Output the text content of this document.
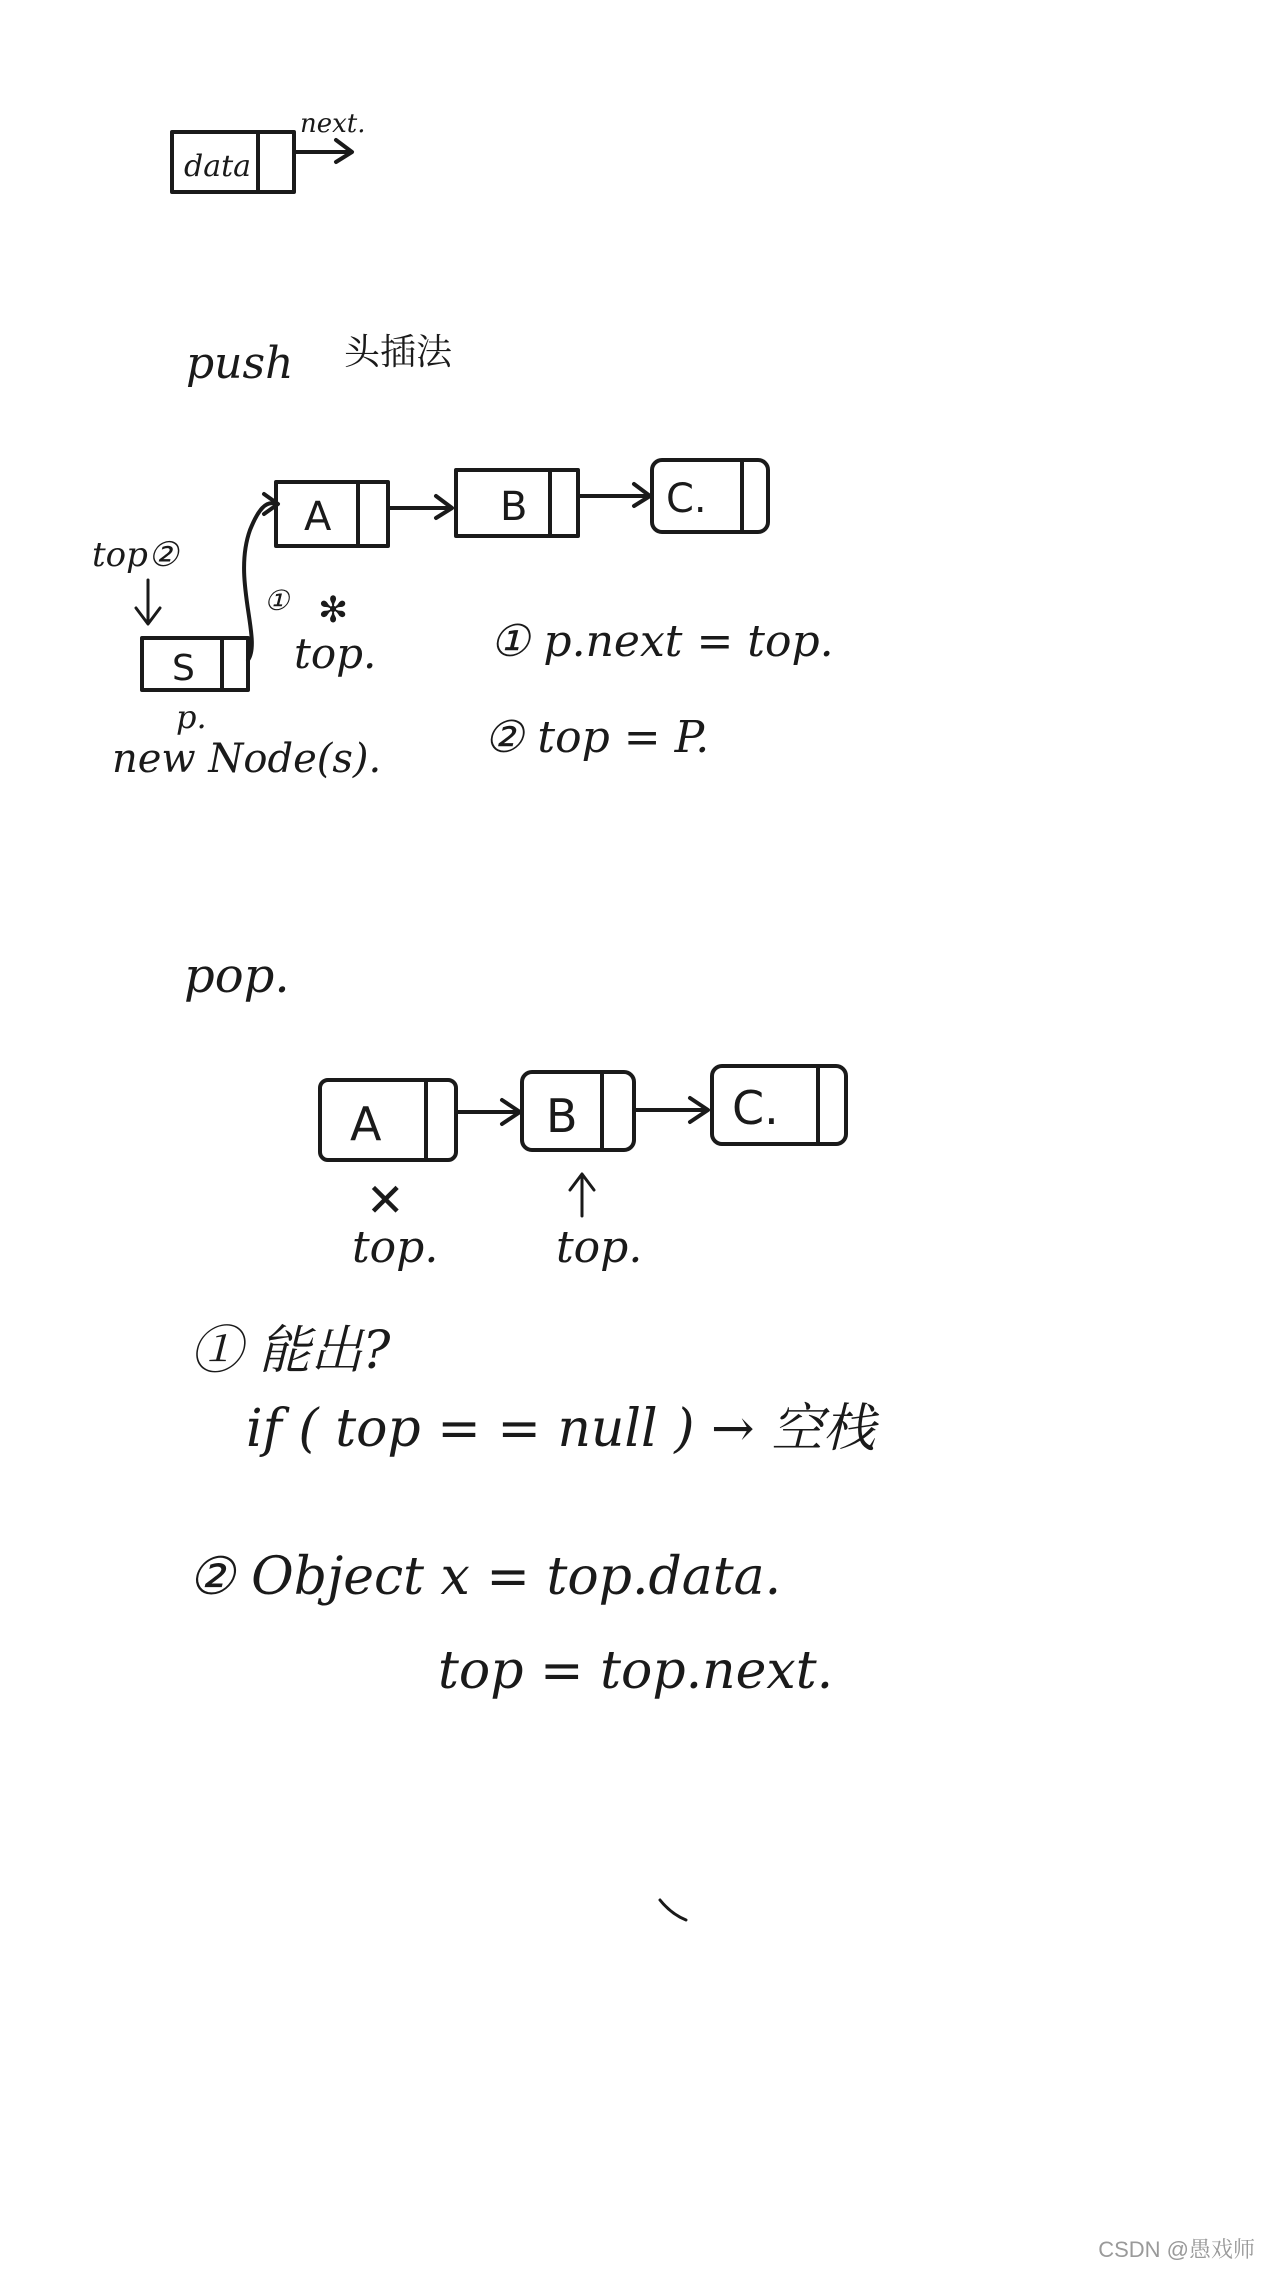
data
next.
push 头插法
A	B	C.
top②
S
p.
new Node(s).
① ✻
top.	① p.next = top.
② top = P.
pop.
A	B	C.
✕
top.	top.
① 能出?
if ( top = = null ) → 空栈
② Object x = top.data.
top = top.next.
CSDN @愚戏师
